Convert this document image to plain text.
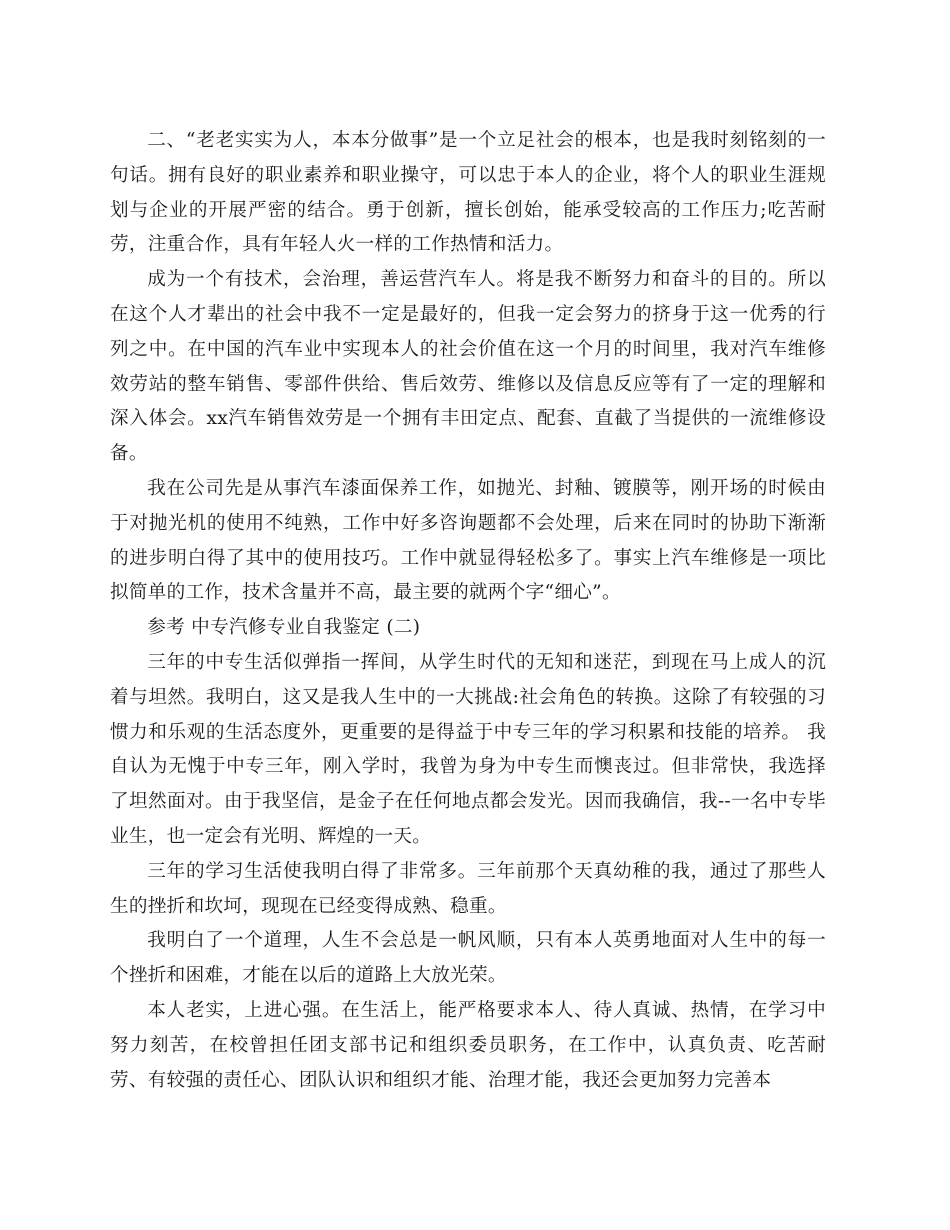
二、“老老实实为人，本本分做事”是一个立足社会的根本，也是我时刻铭刻的一句话。拥有良好的职业素养和职业操守，可以忠于本人的企业，将个人的职业生涯规划与企业的开展严密的结合。勇于创新，擅长创始，能承受较高的工作压力;吃苦耐劳，注重合作，具有年轻人火一样的工作热情和活力。

成为一个有技术，会治理，善运营汽车人。将是我不断努力和奋斗的目的。所以在这个人才辈出的社会中我不一定是最好的，但我一定会努力的挤身于这一优秀的行列之中。在中国的汽车业中实现本人的社会价值在这一个月的时间里，我对汽车维修效劳站的整车销售、零部件供给、售后效劳、维修以及信息反应等有了一定的理解和深入体会。xx汽车销售效劳是一个拥有丰田定点、配套、直截了当提供的一流维修设备。

我在公司先是从事汽车漆面保养工作，如抛光、封釉、镀膜等，刚开场的时候由于对抛光机的使用不纯熟，工作中好多咨询题都不会处理，后来在同时的协助下渐渐的进步明白得了其中的使用技巧。工作中就显得轻松多了。事实上汽车维修是一项比拟简单的工作，技术含量并不高，最主要的就两个字“细心”。

参考 中专汽修专业自我鉴定 (二)

三年的中专生活似弹指一挥间，从学生时代的无知和迷茫，到现在马上成人的沉着与坦然。我明白，这又是我人生中的一大挑战:社会角色的转换。这除了有较强的习惯力和乐观的生活态度外，更重要的是得益于中专三年的学习积累和技能的培养。 我自认为无愧于中专三年，刚入学时，我曾为身为中专生而懊丧过。但非常快，我选择了坦然面对。由于我坚信，是金子在任何地点都会发光。因而我确信，我--一名中专毕业生，也一定会有光明、辉煌的一天。

三年的学习生活使我明白得了非常多。三年前那个天真幼稚的我，通过了那些人生的挫折和坎坷，现现在已经变得成熟、稳重。

我明白了一个道理，人生不会总是一帆风顺，只有本人英勇地面对人生中的每一个挫折和困难，才能在以后的道路上大放光荣。

本人老实，上进心强。在生活上，能严格要求本人、待人真诚、热情，在学习中努力刻苦，在校曾担任团支部书记和组织委员职务，在工作中，认真负责、吃苦耐劳、有较强的责任心、团队认识和组织才能、治理才能，我还会更加努力完善本
